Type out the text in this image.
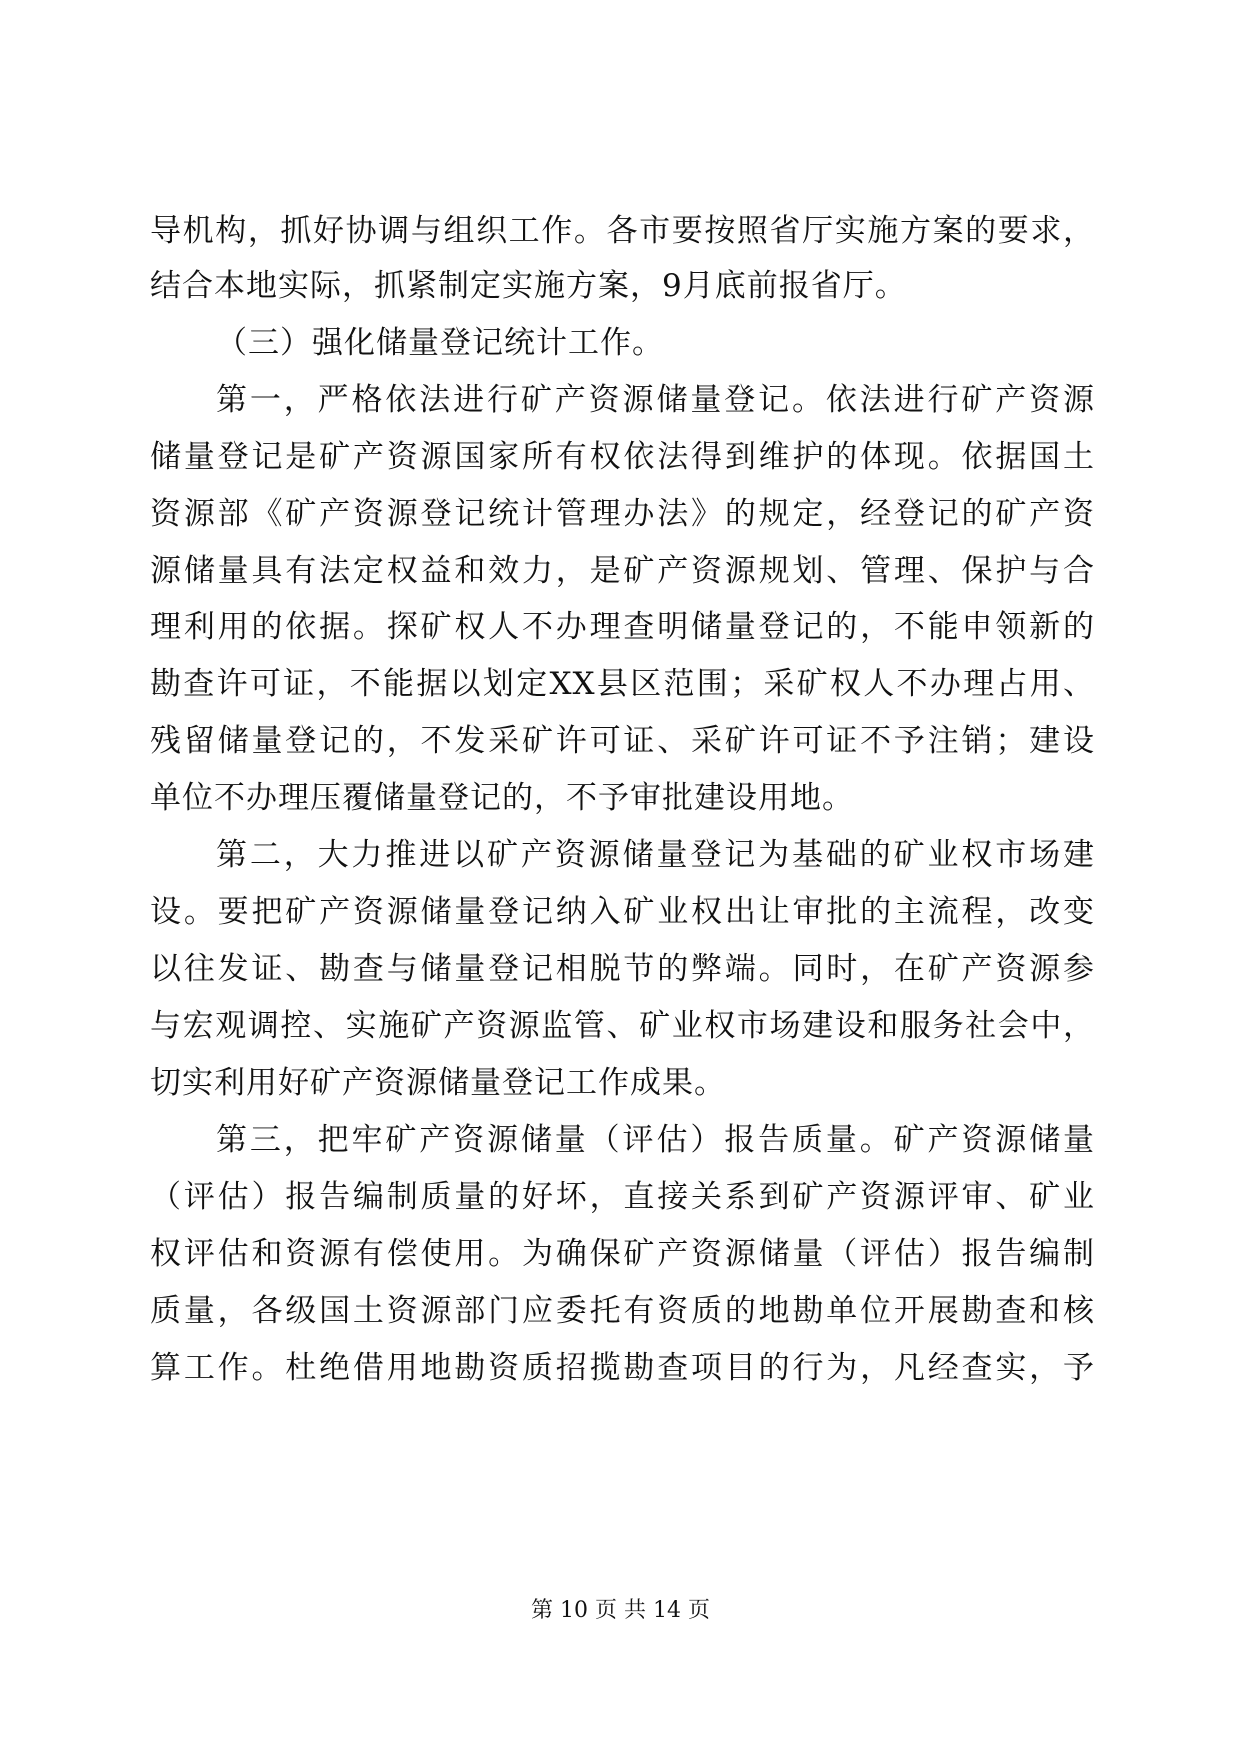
导机构，抓好协调与组织工作。各市要按照省厅实施方案的要求，
结合本地实际，抓紧制定实施方案，9月底前报省厅。
（三）强化储量登记统计工作。
第一，严格依法进行矿产资源储量登记。依法进行矿产资源
储量登记是矿产资源国家所有权依法得到维护的体现。依据国土
资源部《矿产资源登记统计管理办法》的规定，经登记的矿产资
源储量具有法定权益和效力，是矿产资源规划、管理、保护与合
理利用的依据。探矿权人不办理查明储量登记的，不能申领新的
勘查许可证，不能据以划定XX县区范围；采矿权人不办理占用、
残留储量登记的，不发采矿许可证、采矿许可证不予注销；建设
单位不办理压覆储量登记的，不予审批建设用地。
第二，大力推进以矿产资源储量登记为基础的矿业权市场建
设。要把矿产资源储量登记纳入矿业权出让审批的主流程，改变
以往发证、勘查与储量登记相脱节的弊端。同时，在矿产资源参
与宏观调控、实施矿产资源监管、矿业权市场建设和服务社会中，
切实利用好矿产资源储量登记工作成果。
第三，把牢矿产资源储量（评估）报告质量。矿产资源储量
（评估）报告编制质量的好坏，直接关系到矿产资源评审、矿业
权评估和资源有偿使用。为确保矿产资源储量（评估）报告编制
质量，各级国土资源部门应委托有资质的地勘单位开展勘查和核
算工作。杜绝借用地勘资质招揽勘查项目的行为，凡经查实，予
第 10 页 共 14 页
